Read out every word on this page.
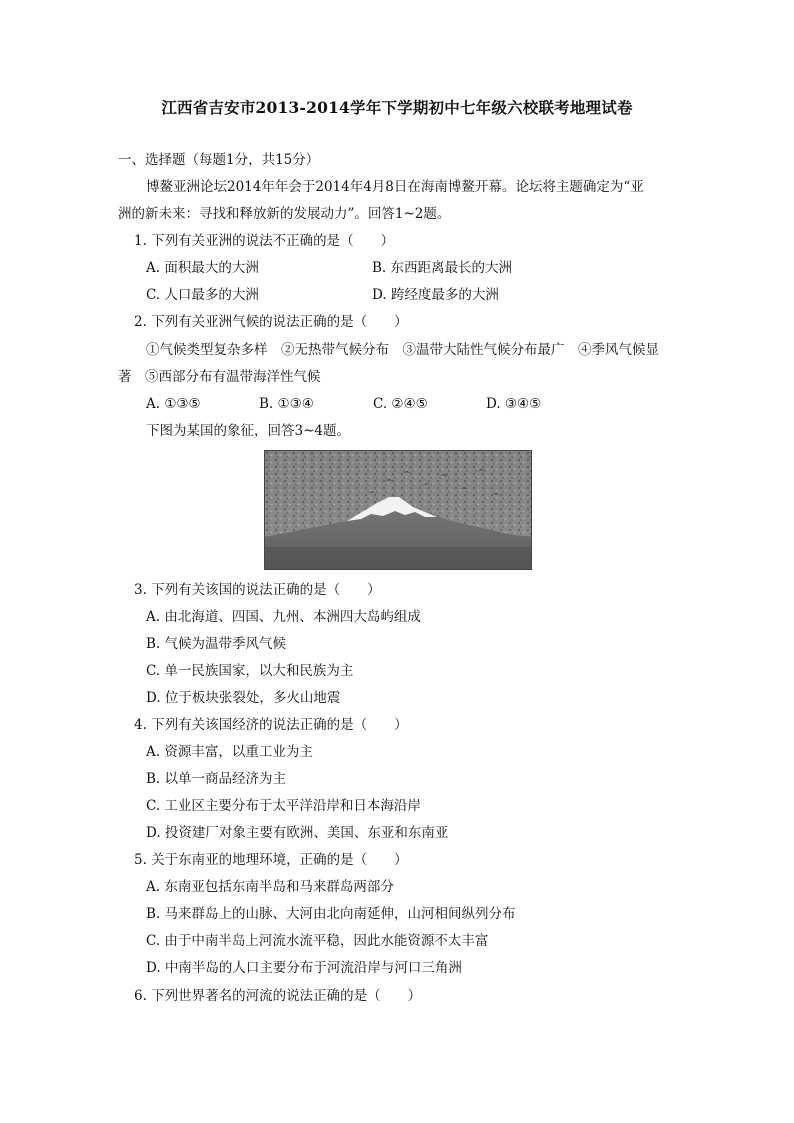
江西省吉安市2013-2014学年下学期初中七年级六校联考地理试卷
一、选择题（每题1分，共15分）
博鳌亚洲论坛2014年年会于2014年4月8日在海南博鳌开幕。论坛将主题确定为“亚
洲的新未来：寻找和释放新的发展动力”。回答1~2题。
1. 下列有关亚洲的说法不正确的是（　　）
A. 面积最大的大洲	B. 东西距离最长的大洲
C. 人口最多的大洲	D. 跨经度最多的大洲
2. 下列有关亚洲气候的说法正确的是（　　）
①气候类型复杂多样　②无热带气候分布　③温带大陆性气候分布最广　④季风气候显
著　⑤西部分布有温带海洋性气候
A. ①③⑤	B. ①③④	C. ②④⑤	D. ③④⑤
下图为某国的象征，回答3~4题。
3. 下列有关该国的说法正确的是（　　）
A. 由北海道、四国、九州、本洲四大岛屿组成
B. 气候为温带季风气候
C. 单一民族国家，以大和民族为主
D. 位于板块张裂处，多火山地震
4. 下列有关该国经济的说法正确的是（　　）
A. 资源丰富，以重工业为主
B. 以单一商品经济为主
C. 工业区主要分布于太平洋沿岸和日本海沿岸
D. 投资建厂对象主要有欧洲、美国、东亚和东南亚
5. 关于东南亚的地理环境，正确的是（　　）
A. 东南亚包括东南半岛和马来群岛两部分
B. 马来群岛上的山脉、大河由北向南延伸，山河相间纵列分布
C. 由于中南半岛上河流水流平稳，因此水能资源不太丰富
D. 中南半岛的人口主要分布于河流沿岸与河口三角洲
6. 下列世界著名的河流的说法正确的是（　　）
